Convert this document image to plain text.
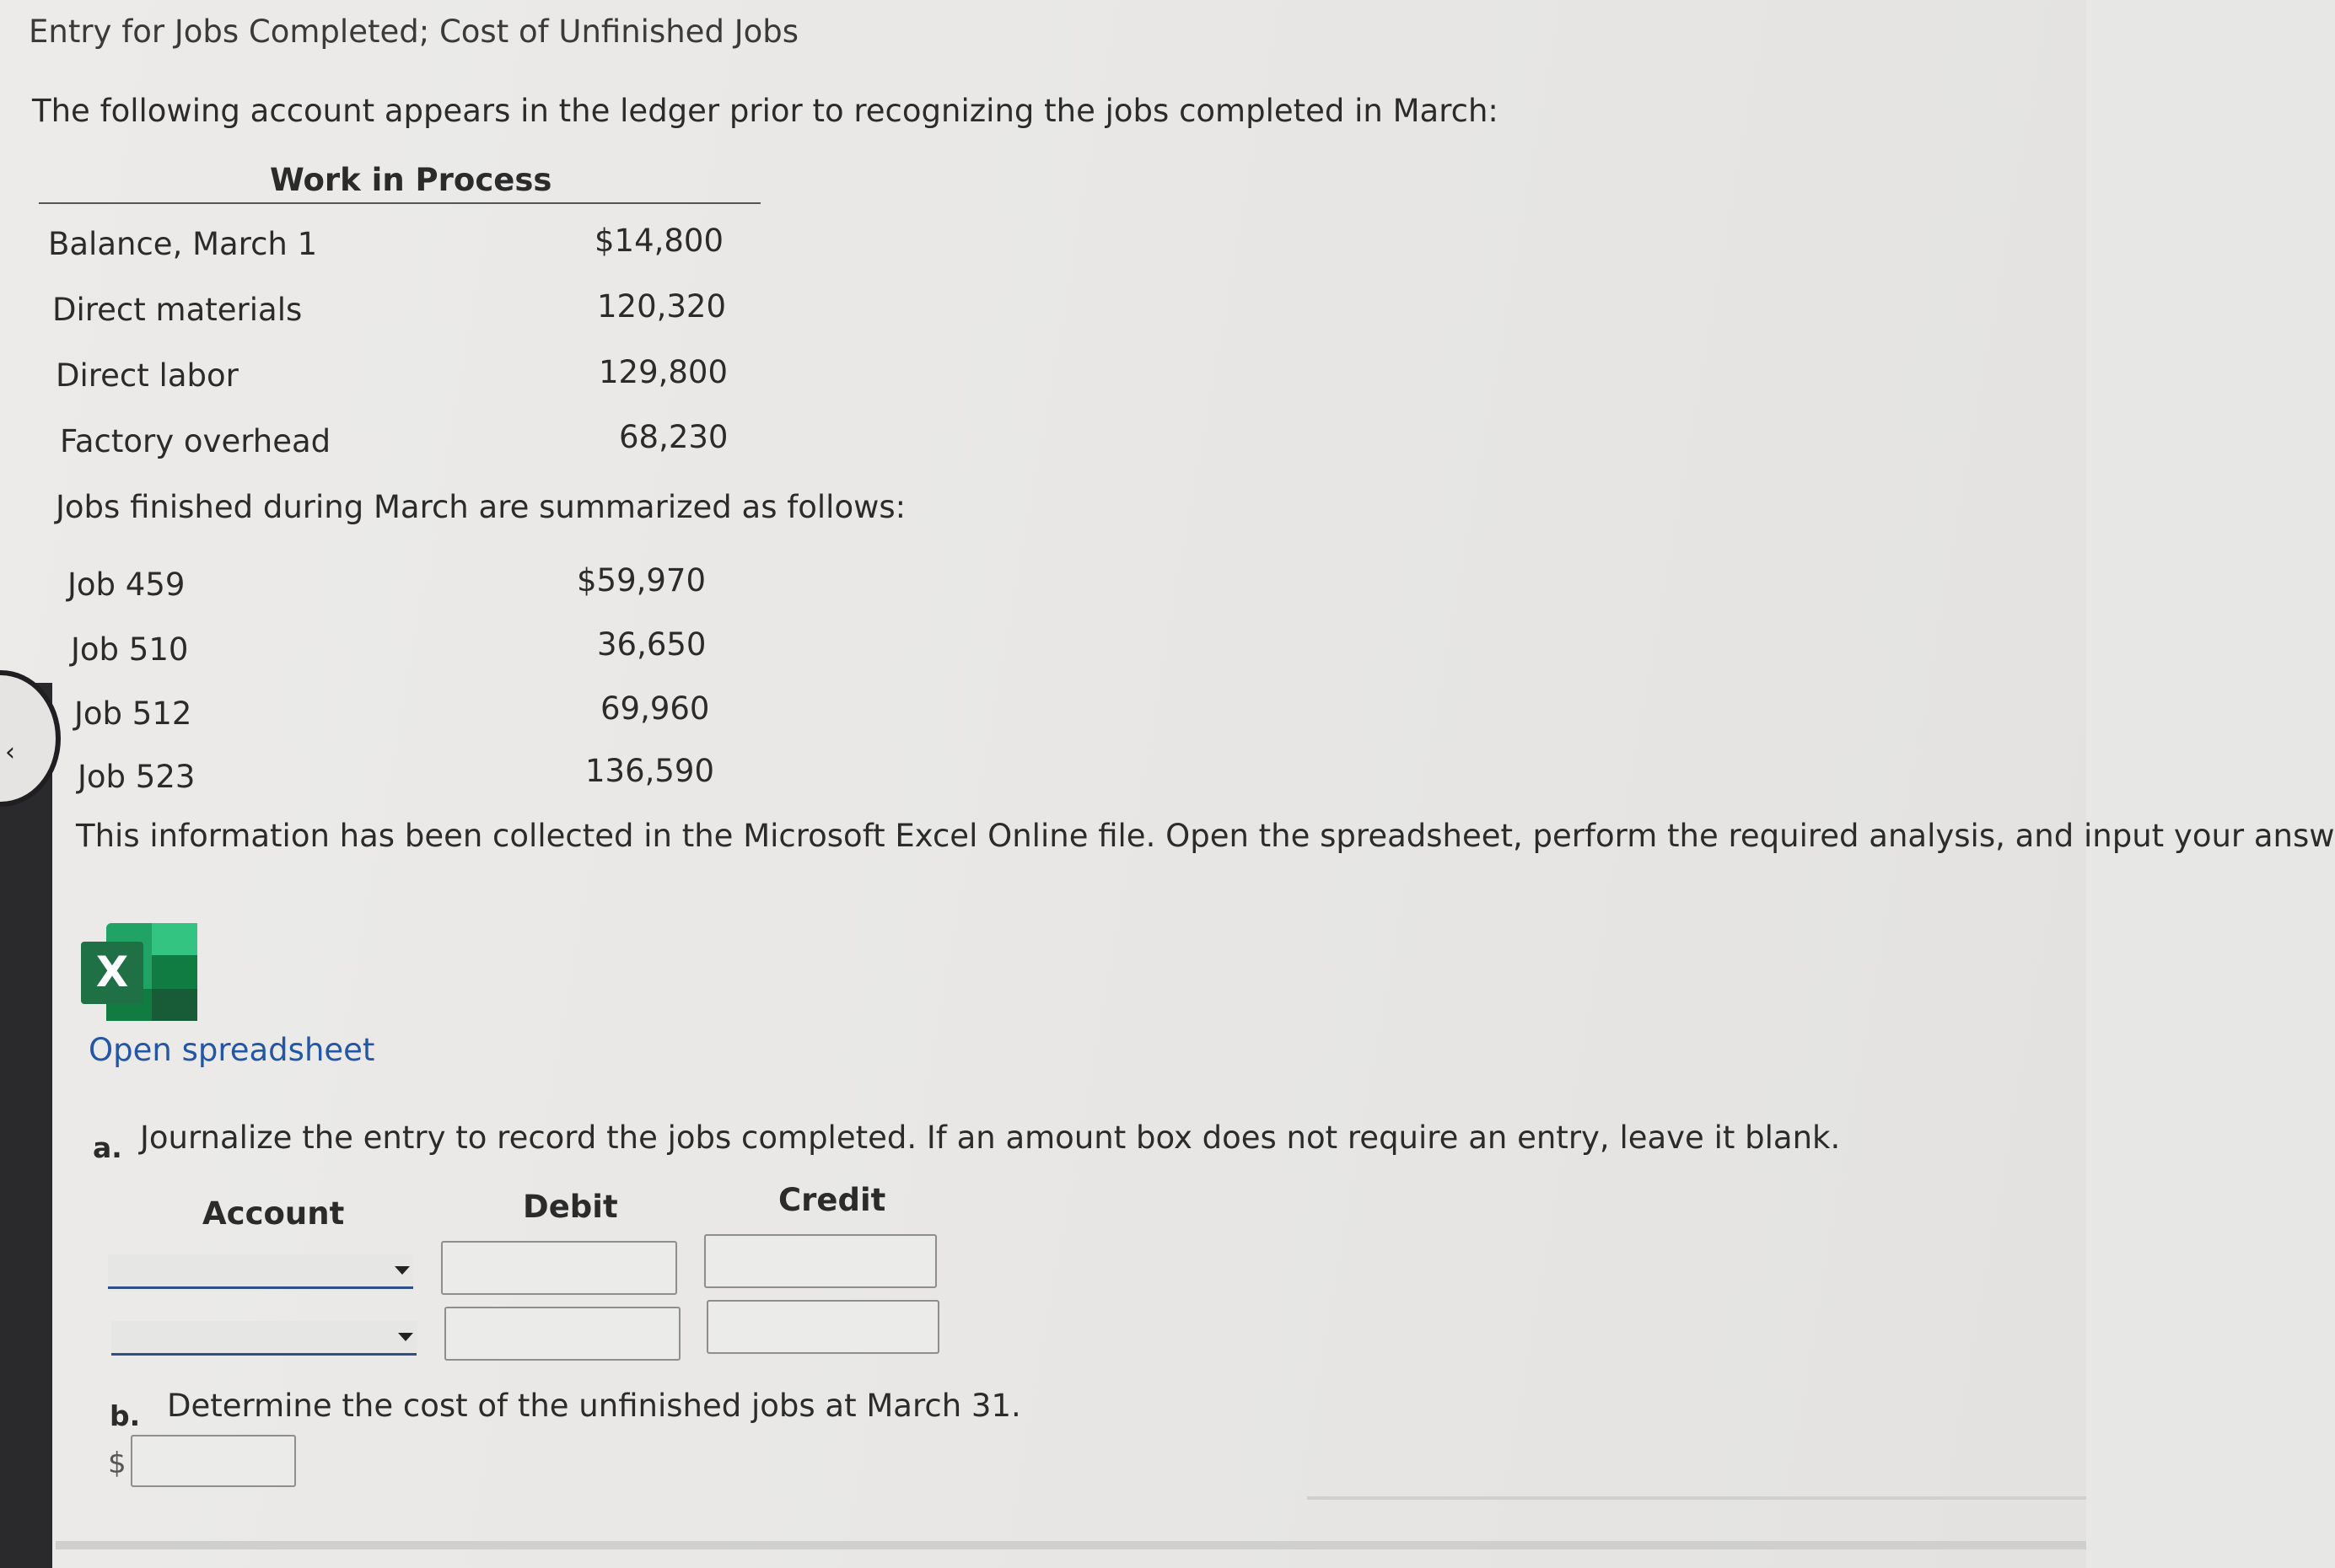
‹
Entry for Jobs Completed; Cost of Unfinished Jobs
The following account appears in the ledger prior to recognizing the jobs completed in March:
Work in Process
Balance, March 1	$14,800
Direct materials	120,320
Direct labor	129,800
Factory overhead	68,230
Jobs finished during March are summarized as follows:
Job 459	$59,970
Job 510	36,650
Job 512	69,960
Job 523	136,590
This information has been collected in the Microsoft Excel Online file. Open the spreadsheet, perform the required analysis, and input your answ
X
Open spreadsheet
a. Journalize the entry to record the jobs completed. If an amount box does not require an entry, leave it blank.
Account	Debit	Credit
b. Determine the cost of the unfinished jobs at March 31.
$
